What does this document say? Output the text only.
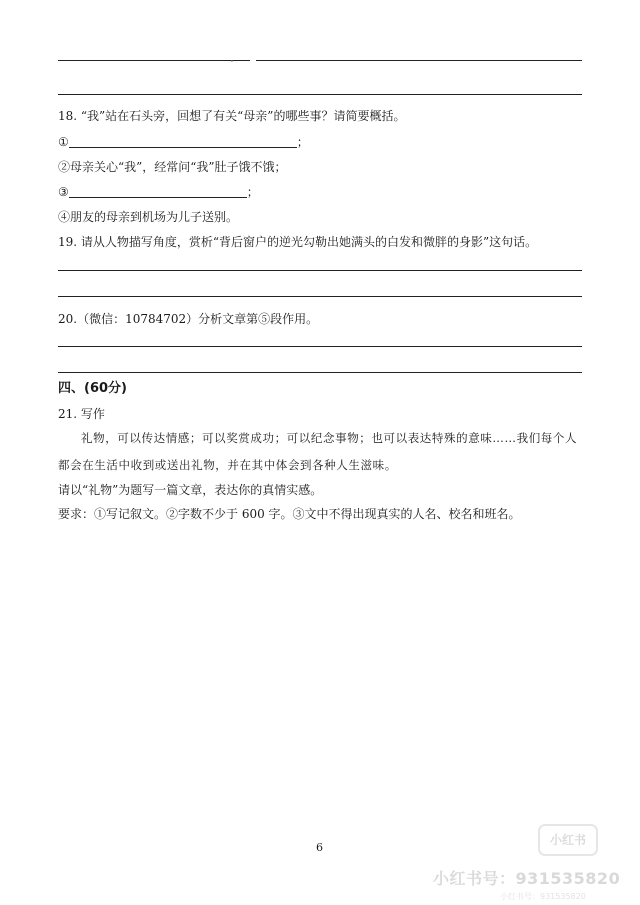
.
18. “我”站在石头旁，回想了有关“母亲”的哪些事？请简要概括。
①	；
②母亲关心“我”，经常问“我”肚子饿不饿；
③	；
④朋友的母亲到机场为儿子送别。
19. 请从人物描写角度，赏析“背后窗户的逆光勾勒出她满头的白发和微胖的身影”这句话。
20.（微信：10784702）分析文章第⑤段作用。
四、(60分)
21. 写作
礼物，可以传达情感；可以奖赏成功；可以纪念事物；也可以表达特殊的意味……我们每个人都会在生活中收到或送出礼物，并在其中体会到各种人生滋味。
请以“礼物”为题写一篇文章，表达你的真情实感。
要求：①写记叙文。②字数不少于 600 字。③文中不得出现真实的人名、校名和班名。
6
小红书
小红书号：931535820
小红书号：931535820
